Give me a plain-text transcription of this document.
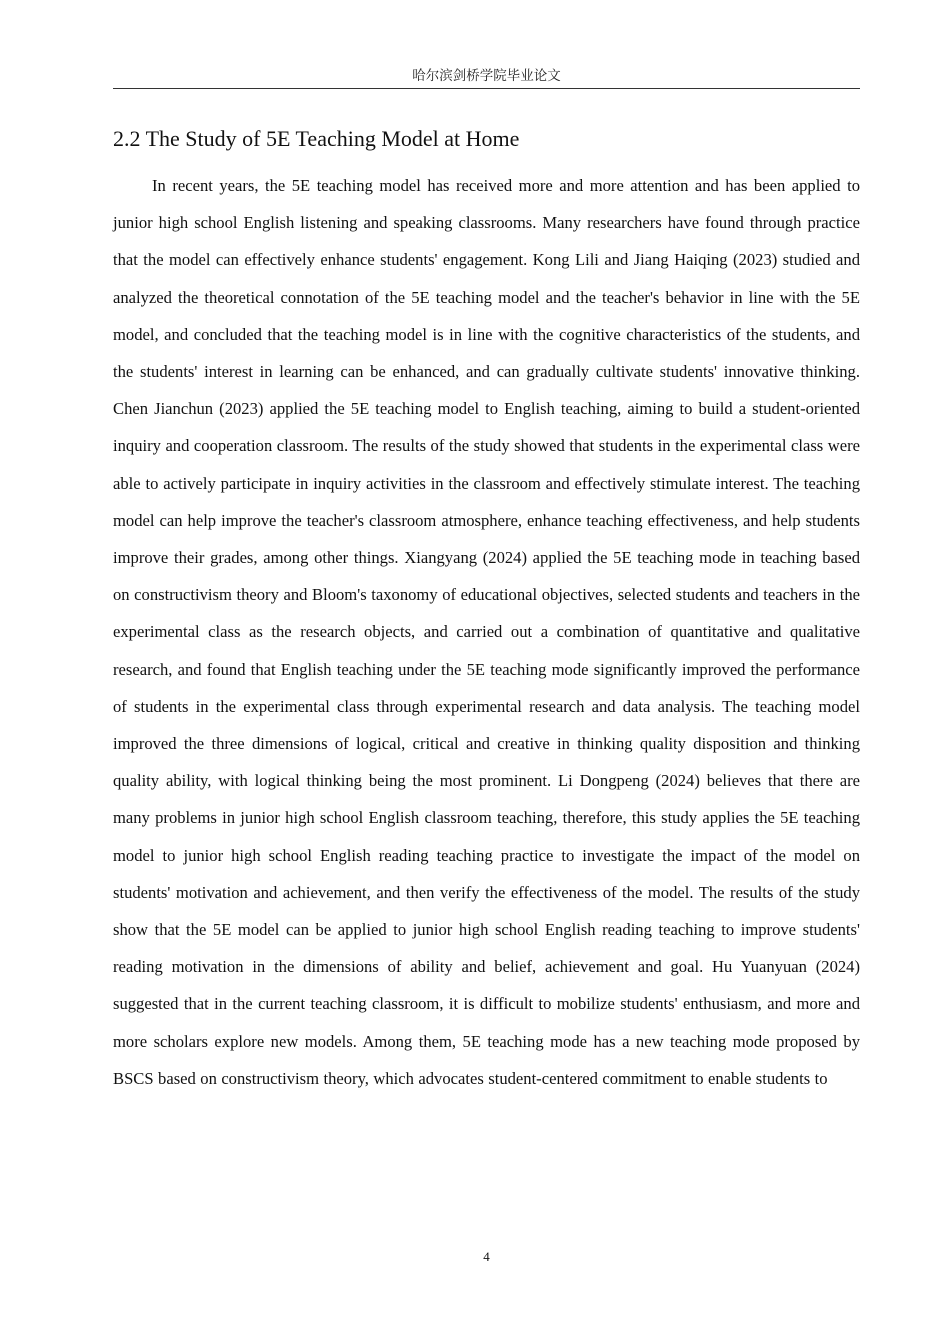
哈尔滨剑桥学院毕业论文
2.2 The Study of 5E Teaching Model at Home

In recent years, the 5E teaching model has received more and more attention and has been applied to junior high school English listening and speaking classrooms. Many researchers have found through practice that the model can effectively enhance students' engagement. Kong Lili and Jiang Haiqing (2023) studied and analyzed the theoretical connotation of the 5E teaching model and the teacher's behavior in line with the 5E model, and concluded that the teaching model is in line with the cognitive characteristics of the students, and the students' interest in learning can be enhanced, and can gradually cultivate students' innovative thinking. Chen Jianchun (2023) applied the 5E teaching model to English teaching, aiming to build a student-oriented inquiry and cooperation classroom. The results of the study showed that students in the experimental class were able to actively participate in inquiry activities in the classroom and effectively stimulate interest. The teaching model can help improve the teacher's classroom atmosphere, enhance teaching effectiveness, and help students improve their grades, among other things. Xiangyang (2024) applied the 5E teaching mode in teaching based on constructivism theory and Bloom's taxonomy of educational objectives, selected students and teachers in the experimental class as the research objects, and carried out a combination of quantitative and qualitative research, and found that English teaching under the 5E teaching mode significantly improved the performance of students in the experimental class through experimental research and data analysis. The teaching model improved the three dimensions of logical, critical and creative in thinking quality disposition and thinking quality ability, with logical thinking being the most prominent. Li Dongpeng (2024) believes that there are many problems in junior high school English classroom teaching, therefore, this study applies the 5E teaching model to junior high school English reading teaching practice to investigate the impact of the model on students' motivation and achievement, and then verify the effectiveness of the model. The results of the study show that the 5E model can be applied to junior high school English reading teaching to improve students' reading motivation in the dimensions of ability and belief, achievement and goal. Hu Yuanyuan (2024) suggested that in the current teaching classroom, it is difficult to mobilize students' enthusiasm, and more and more scholars explore new models. Among them, 5E teaching mode has a new teaching mode proposed by BSCS based on constructivism theory, which advocates student-centered commitment to enable students to

4
